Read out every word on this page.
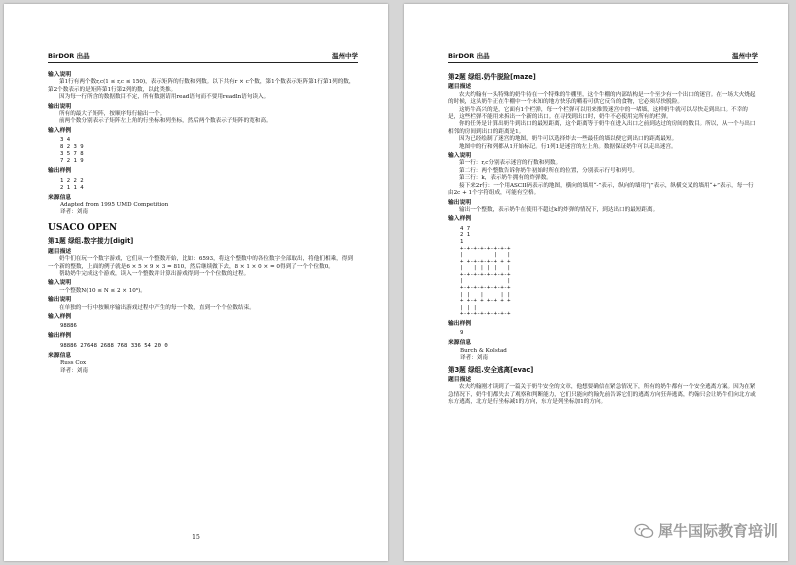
BirDOR 出品	温州中学
输入说明

第1行有两个数r,c(1 ≤ r,c ≤ 150)，表示矩阵的行数和列数。以下共有r × c个数，第1个数表示矩阵第1行第1列的数，第2个数表示的是矩阵第1行第2列的数，以此类推。

因为每一行所含的数据数目不定，所有数据请用read语句而不要用readln语句读入。

输出说明

所有的最大子矩阵，按顺序每行输出一个。

前两个数分别表示子矩阵左上角的行坐标和列坐标，然后两个数表示子矩阵的宽和高。

输入样例
3 4
8 2 3 9
3 5 7 8
7 2 1 9
输出样例
1 2 2 2
2 1 1 4
来源信息
Adapted from 1995 UMD Competition
译者：刘南
USACO OPEN
第1题 绿组.数字接力[digit]
题目描述

奶牛们在玩一个数字游戏，它们从一个整数开始，比如：6593，将这个整数中的各位数字全部取出，将他们相乘，得到一个新的整数，上面的例子就是6 × 5 × 9 × 3 = 810，然后继续做下去，8 × 1 × 0 × = 0得到了一个个位数0。

帮助奶牛完成这个游戏，读入一个整数并计算出游戏得到一个个位数的过程。

输入说明

一个整数N(10 ≤ N ≤ 2 × 10⁶)。

输出说明

在单独的一行中按顺序输出游戏过程中产生的每一个数，直到一个个位数结束。

输入样例
98886
输出样例
98886 27648 2688 768 336 54 20 0
来源信息
Russ Cox
译者：刘南
15
BirDOR 出品	温州中学
第2题 绿组.奶牛脱险[maze]
题目描述

农夫约翰有一头特殊的奶牛待在一个特殊的牛棚里，这个牛棚的内部结构是一个至少有一个出口的迷宫。在一场大火烧起的时候，这头奶牛正在牛棚中一个未知的地方快乐的嚼着可供它反刍的食物，它必须尽快脱险。

这奶牛高兴的是，它面有1个栏弹，每一个栏弹可以用来推毁迷宫中的一堵墙，这样奶牛就可以尽快走到出口。不幸的是，这些栏弹不能用来拆出一个新的出口。在寻找到出口时，奶牛不必使用完所有的栏弹。

你的任务是计算出奶牛到出口的最短距离，这个距离等于奶牛在进入出口之前到达过的房间的数目。所以，从一个与出口相邻的房间到出口的距离是1。

因为已经绘制了迷宫的地图，奶牛可以选择炸去一些最佳的墙以便它到出口的距离最短。

地图中的行和列都从1开始标记。行1列1是迷宫的左上角。数据保证奶牛可以走出迷宫。

输入说明

第一行：r,c分别表示迷宫的行数和列数。

第二行：两个整数告诉你奶牛初始时所在的位置，分别表示行号和列号。

第三行：k，表示奶牛拥有的炸弹数。

接下来2r行：一个用ASCII码表示的地图，横向的墙用“-”表示，纵向的墙用“|”表示，纵横交叉的墙用“+”表示，每一行由2c + 1个字符组成，可能有空格。

输出说明

输出一个整数，表示奶牛在使用不超过k的炸弹的情况下，到达出口的最短距离。

输入样例
4 7
2 1
1
+-+-+-+-+-+-+-+
|         |   |
+ +-+-+-+-+ + +
|   | | | |   |
+-+-+-+-+-+-+-+
|             |
+-+-+-+-+-+-+-+
| |   |     | |
+ +-+ + +-+ + +
| | |
+-+-+-+-+-+-+-+
输出样例
9
来源信息
Burch & Kolstad
译者：刘南
第3题 绿组.安全逃离[evac]
题目描述

农夫约翰刚才读到了一篇关于奶牛安全的文章，他想要确信在紧急情况下，所有的奶牛都有一个安全逃离方案。因为在紧急情况下，奶牛们都失去了观察和判断能力，它们只能向约翰先前告诉它们的逃离方向狂奔逃离，约翰只会让奶牛们向北方或东方逃离，北方是行坐标减1的方向，东方是列坐标加1的方向。

犀牛国际教育培训
